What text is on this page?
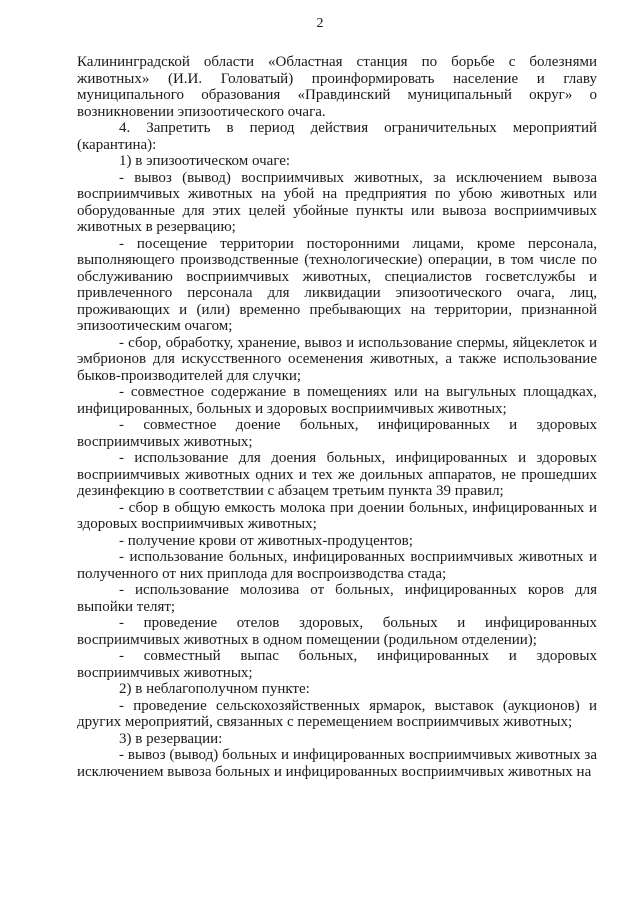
2

Калининградской области «Областная станция по борьбе с болезнями животных» (И.И. Головатый) проинформировать население и главу муниципального образования «Правдинский муниципальный округ» о возникновении эпизоотического очага.

4. Запретить в период действия ограничительных мероприятий (карантина):

1) в эпизоотическом очаге:

- вывоз (вывод) восприимчивых животных, за исключением вывоза восприимчивых животных на убой на предприятия по убою животных или оборудованные для этих целей убойные пункты или вывоза восприимчивых животных в резервацию;

- посещение территории посторонними лицами, кроме персонала, выполняющего производственные (технологические) операции, в том числе по обслуживанию восприимчивых животных, специалистов госветслужбы и привлеченного персонала для ликвидации эпизоотического очага, лиц, проживающих и (или) временно пребывающих на территории, признанной эпизоотическим очагом;

- сбор, обработку, хранение, вывоз и использование спермы, яйцеклеток и эмбрионов для искусственного осеменения животных, а также использование быков-производителей для случки;

- совместное содержание в помещениях или на выгульных площадках, инфицированных, больных и здоровых восприимчивых животных;

- совместное доение больных, инфицированных и здоровых восприимчивых животных;

- использование для доения больных, инфицированных и здоровых восприимчивых животных одних и тех же доильных аппаратов, не прошедших дезинфекцию в соответствии с абзацем третьим пункта 39 правил;

- сбор в общую емкость молока при доении больных, инфицированных и здоровых восприимчивых животных;

- получение крови от животных-продуцентов;

- использование больных, инфицированных восприимчивых животных и полученного от них приплода для воспроизводства стада;

- использование молозива от больных, инфицированных коров для выпойки телят;

- проведение отелов здоровых, больных и инфицированных восприимчивых животных в одном помещении (родильном отделении);

- совместный выпас больных, инфицированных и здоровых восприимчивых животных;

2) в неблагополучном пункте:

- проведение сельскохозяйственных ярмарок, выставок (аукционов) и других мероприятий, связанных с перемещением восприимчивых животных;

3) в резервации:

- вывоз (вывод) больных и инфицированных восприимчивых животных за исключением вывоза больных и инфицированных восприимчивых животных на
